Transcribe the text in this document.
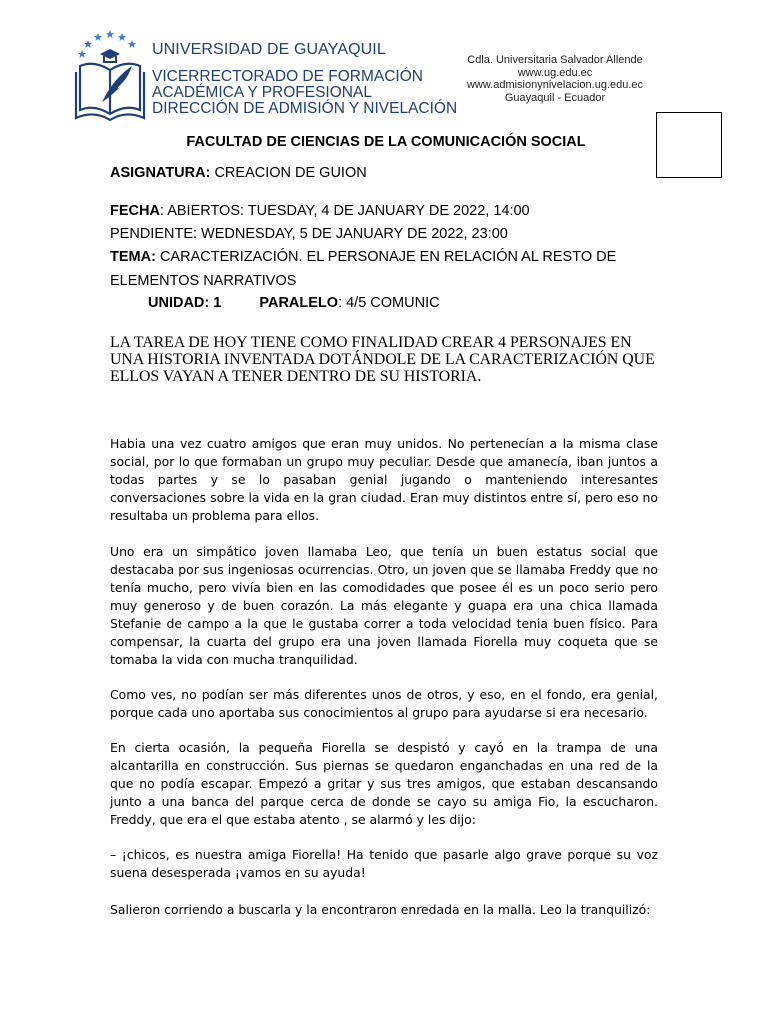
UNIVERSIDAD DE GUAYAQUIL
VICERRECTORADO DE FORMACIÓN
ACADÉMICA Y PROFESIONAL
DIRECCIÓN DE ADMISIÓN Y NIVELACIÓN
Cdla. Universitaria Salvador Allende
www.ug.edu.ec
www.admisionynivelacion.ug.edu.ec
Guayaquil - Ecuador
FACULTAD DE CIENCIAS DE LA COMUNICACIÓN SOCIAL
ASIGNATURA: CREACION DE GUION
FECHA: ABIERTOS: TUESDAY, 4 DE JANUARY DE 2022, 14:00
PENDIENTE: WEDNESDAY, 5 DE JANUARY DE 2022, 23:00
TEMA: CARACTERIZACIÓN. EL PERSONAJE EN RELACIÓN AL RESTO DE
ELEMENTOS NARRATIVOS
UNIDAD: 1	PARALELO: 4/5 COMUNIC
LA TAREA DE HOY TIENE COMO FINALIDAD CREAR 4 PERSONAJES EN
UNA HISTORIA INVENTADA DOTÁNDOLE DE LA CARACTERIZACIÓN QUE
ELLOS VAYAN A TENER DENTRO DE SU HISTORIA.

Habia una vez cuatro amigos que eran muy unidos. No pertenecían a la misma clase social, por lo que formaban un grupo muy peculiar. Desde que amanecía, iban juntos a todas partes y se lo pasaban genial jugando o manteniendo interesantes conversaciones sobre la vida en la gran ciudad. Eran muy distintos entre sí, pero eso no resultaba un problema para ellos.

Uno era un simpático joven llamaba Leo, que tenía un buen estatus social que destacaba por sus ingeniosas ocurrencias. Otro, un joven que se llamaba Freddy que no tenía mucho, pero vivía bien en las comodidades que posee él es un poco serio pero muy generoso y de buen corazón. La más elegante y guapa era una chica llamada Stefanie de campo a la que le gustaba correr a toda velocidad tenia buen físico. Para compensar, la cuarta del grupo era una joven llamada Fiorella muy coqueta que se tomaba la vida con mucha tranquilidad.

Como ves, no podían ser más diferentes unos de otros, y eso, en el fondo, era genial, porque cada uno aportaba sus conocimientos al grupo para ayudarse si era necesario.

En cierta ocasión, la pequeña Fiorella se despistó y cayó en la trampa de una alcantarilla en construcción. Sus piernas se quedaron enganchadas en una red de la que no podía escapar. Empezó a gritar y sus tres amigos, que estaban descansando junto a una banca del parque cerca de donde se cayo su amiga Fio, la escucharon. Freddy, que era el que estaba atento , se alarmó y les dijo:

– ¡chicos, es nuestra amiga Fiorella! Ha tenido que pasarle algo grave porque su voz suena desesperada ¡vamos en su ayuda!

Salieron corriendo a buscarla y la encontraron enredada en la malla. Leo la tranquilizó:
